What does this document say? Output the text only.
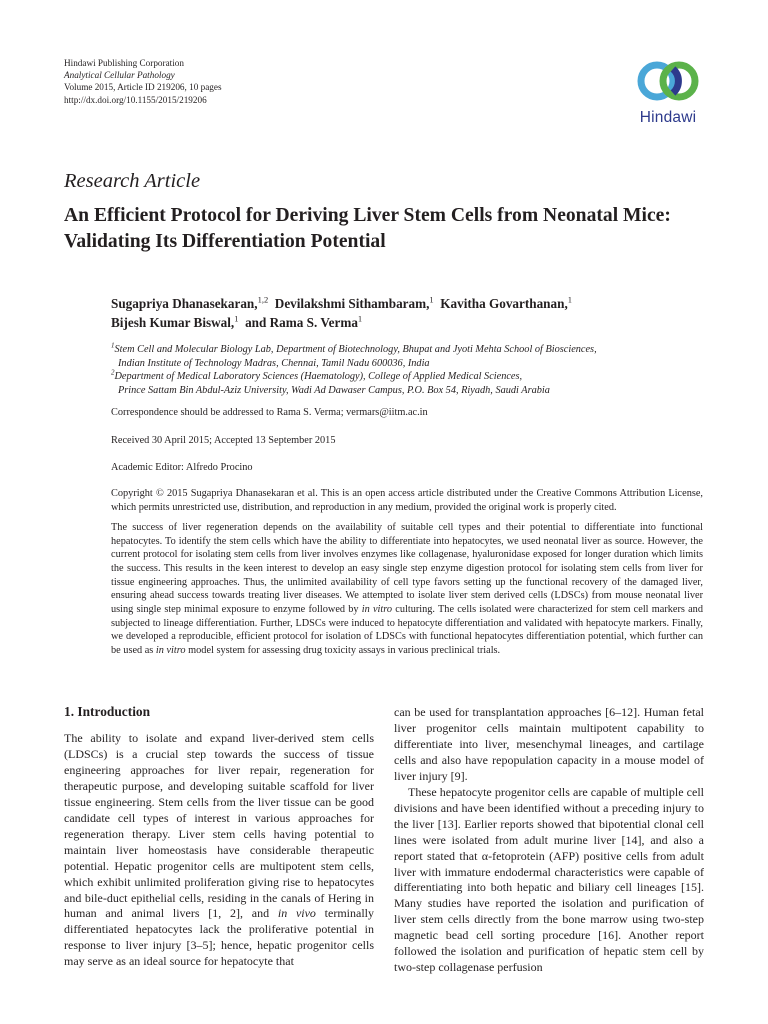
Hindawi Publishing Corporation
Analytical Cellular Pathology
Volume 2015, Article ID 219206, 10 pages
http://dx.doi.org/10.1155/2015/219206
Hindawi
Research Article
An Efficient Protocol for Deriving Liver Stem Cells from Neonatal Mice: Validating Its Differentiation Potential
Sugapriya Dhanasekaran,$^{1,2}$ Devilakshmi Sithambaram,$^1$ Kavitha Govarthanan,$^1$
Bijesh Kumar Biswal,$^1$ and Rama S. Verma$^1$
$^1$Stem Cell and Molecular Biology Lab, Department of Biotechnology, Bhupat and Jyoti Mehta School of Biosciences,
Indian Institute of Technology Madras, Chennai, Tamil Nadu 600036, India
$^2$Department of Medical Laboratory Sciences (Haematology), College of Applied Medical Sciences,
Prince Sattam Bin Abdul-Aziz University, Wadi Ad Dawaser Campus, P.O. Box 54, Riyadh, Saudi Arabia
Correspondence should be addressed to Rama S. Verma; vermars@iitm.ac.in
Received 30 April 2015; Accepted 13 September 2015
Academic Editor: Alfredo Procino
Copyright © 2015 Sugapriya Dhanasekaran et al. This is an open access article distributed under the Creative Commons Attribution License, which permits unrestricted use, distribution, and reproduction in any medium, provided the original work is properly cited.
The success of liver regeneration depends on the availability of suitable cell types and their potential to differentiate into functional hepatocytes. To identify the stem cells which have the ability to differentiate into hepatocytes, we used neonatal liver as source. However, the current protocol for isolating stem cells from liver involves enzymes like collagenase, hyaluronidase exposed for longer duration which limits the success. This results in the keen interest to develop an easy single step enzyme digestion protocol for isolating stem cells from liver for tissue engineering approaches. Thus, the unlimited availability of cell type favors setting up the functional recovery of the damaged liver, ensuring ahead success towards treating liver diseases. We attempted to isolate liver stem derived cells (LDSCs) from mouse neonatal liver using single step minimal exposure to enzyme followed by in vitro culturing. The cells isolated were characterized for stem cell markers and subjected to lineage differentiation. Further, LDSCs were induced to hepatocyte differentiation and validated with hepatocyte markers. Finally, we developed a reproducible, efficient protocol for isolation of LDSCs with functional hepatocytes differentiation potential, which further can be used as in vitro model system for assessing drug toxicity assays in various preclinical trials.
1. Introduction

The ability to isolate and expand liver-derived stem cells (LDSCs) is a crucial step towards the success of tissue engineering approaches for liver repair, regeneration for therapeutic purpose, and developing suitable scaffold for liver tissue engineering. Stem cells from the liver tissue can be good candidate cell types of interest in various approaches for regeneration therapy. Liver stem cells having potential to maintain liver homeostasis have considerable therapeutic potential. Hepatic progenitor cells are multipotent stem cells, which exhibit unlimited proliferation giving rise to hepatocytes and bile-duct epithelial cells, residing in the canals of Hering in human and animal livers [1, 2], and in vivo terminally differentiated hepatocytes lack the proliferative potential in response to liver injury [3–5]; hence, hepatic progenitor cells may serve as an ideal source for hepatocyte that

can be used for transplantation approaches [6–12]. Human fetal liver progenitor cells maintain multipotent capability to differentiate into liver, mesenchymal lineages, and cartilage cells and also have repopulation capacity in a mouse model of liver injury [9].

These hepatocyte progenitor cells are capable of multiple cell divisions and have been identified without a preceding injury to the liver [13]. Earlier reports showed that bipotential clonal cell lines were isolated from adult murine liver [14], and also a report stated that α-fetoprotein (AFP) positive cells from adult liver with immature endodermal characteristics were capable of differentiating into both hepatic and biliary cell lineages [15]. Many studies have reported the isolation and purification of liver stem cells directly from the bone marrow using two-step magnetic bead cell sorting procedure [16]. Another report followed the isolation and purification of hepatic stem cell by two-step collagenase perfusion
